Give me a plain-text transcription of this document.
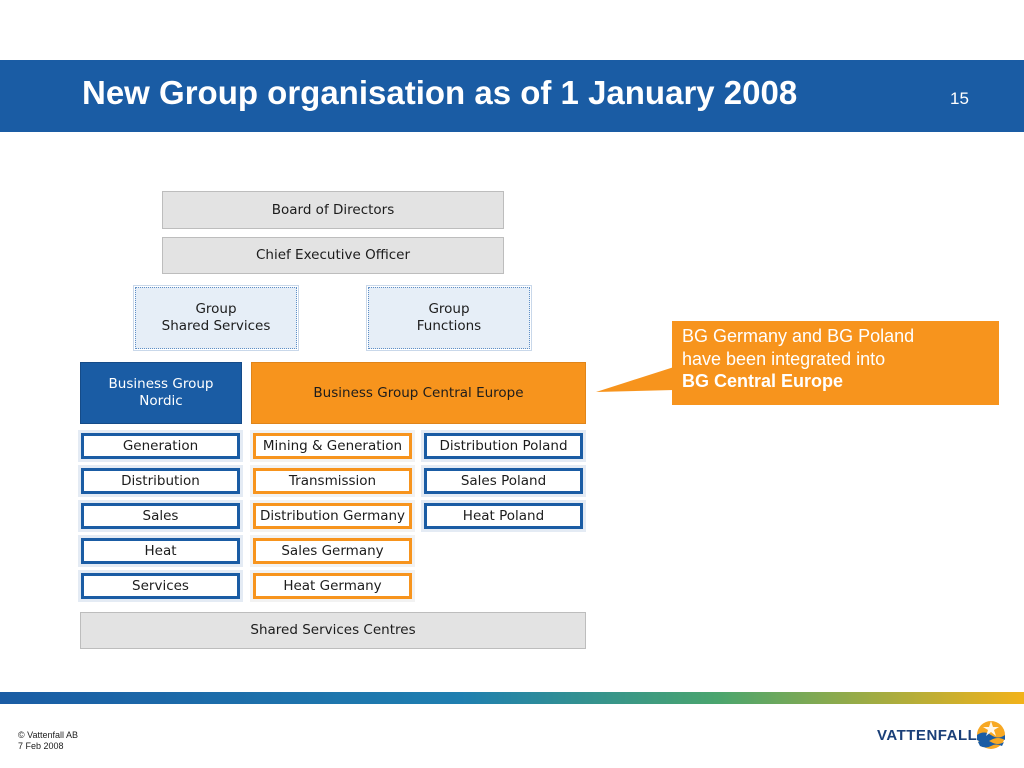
New Group organisation as of 1 January 2008	15
Board of Directors
Chief Executive Officer
Group
Shared Services
Group
Functions
Business Group
Nordic
Business Group Central Europe
Generation
Distribution
Sales
Heat
Services
Mining & Generation
Transmission
Distribution Germany
Sales Germany
Heat Germany
Distribution Poland
Sales Poland
Heat Poland
Shared Services Centres
BG Germany and BG Poland
have been integrated into
BG Central Europe
© Vattenfall AB
7 Feb 2008
VATTENFALL
